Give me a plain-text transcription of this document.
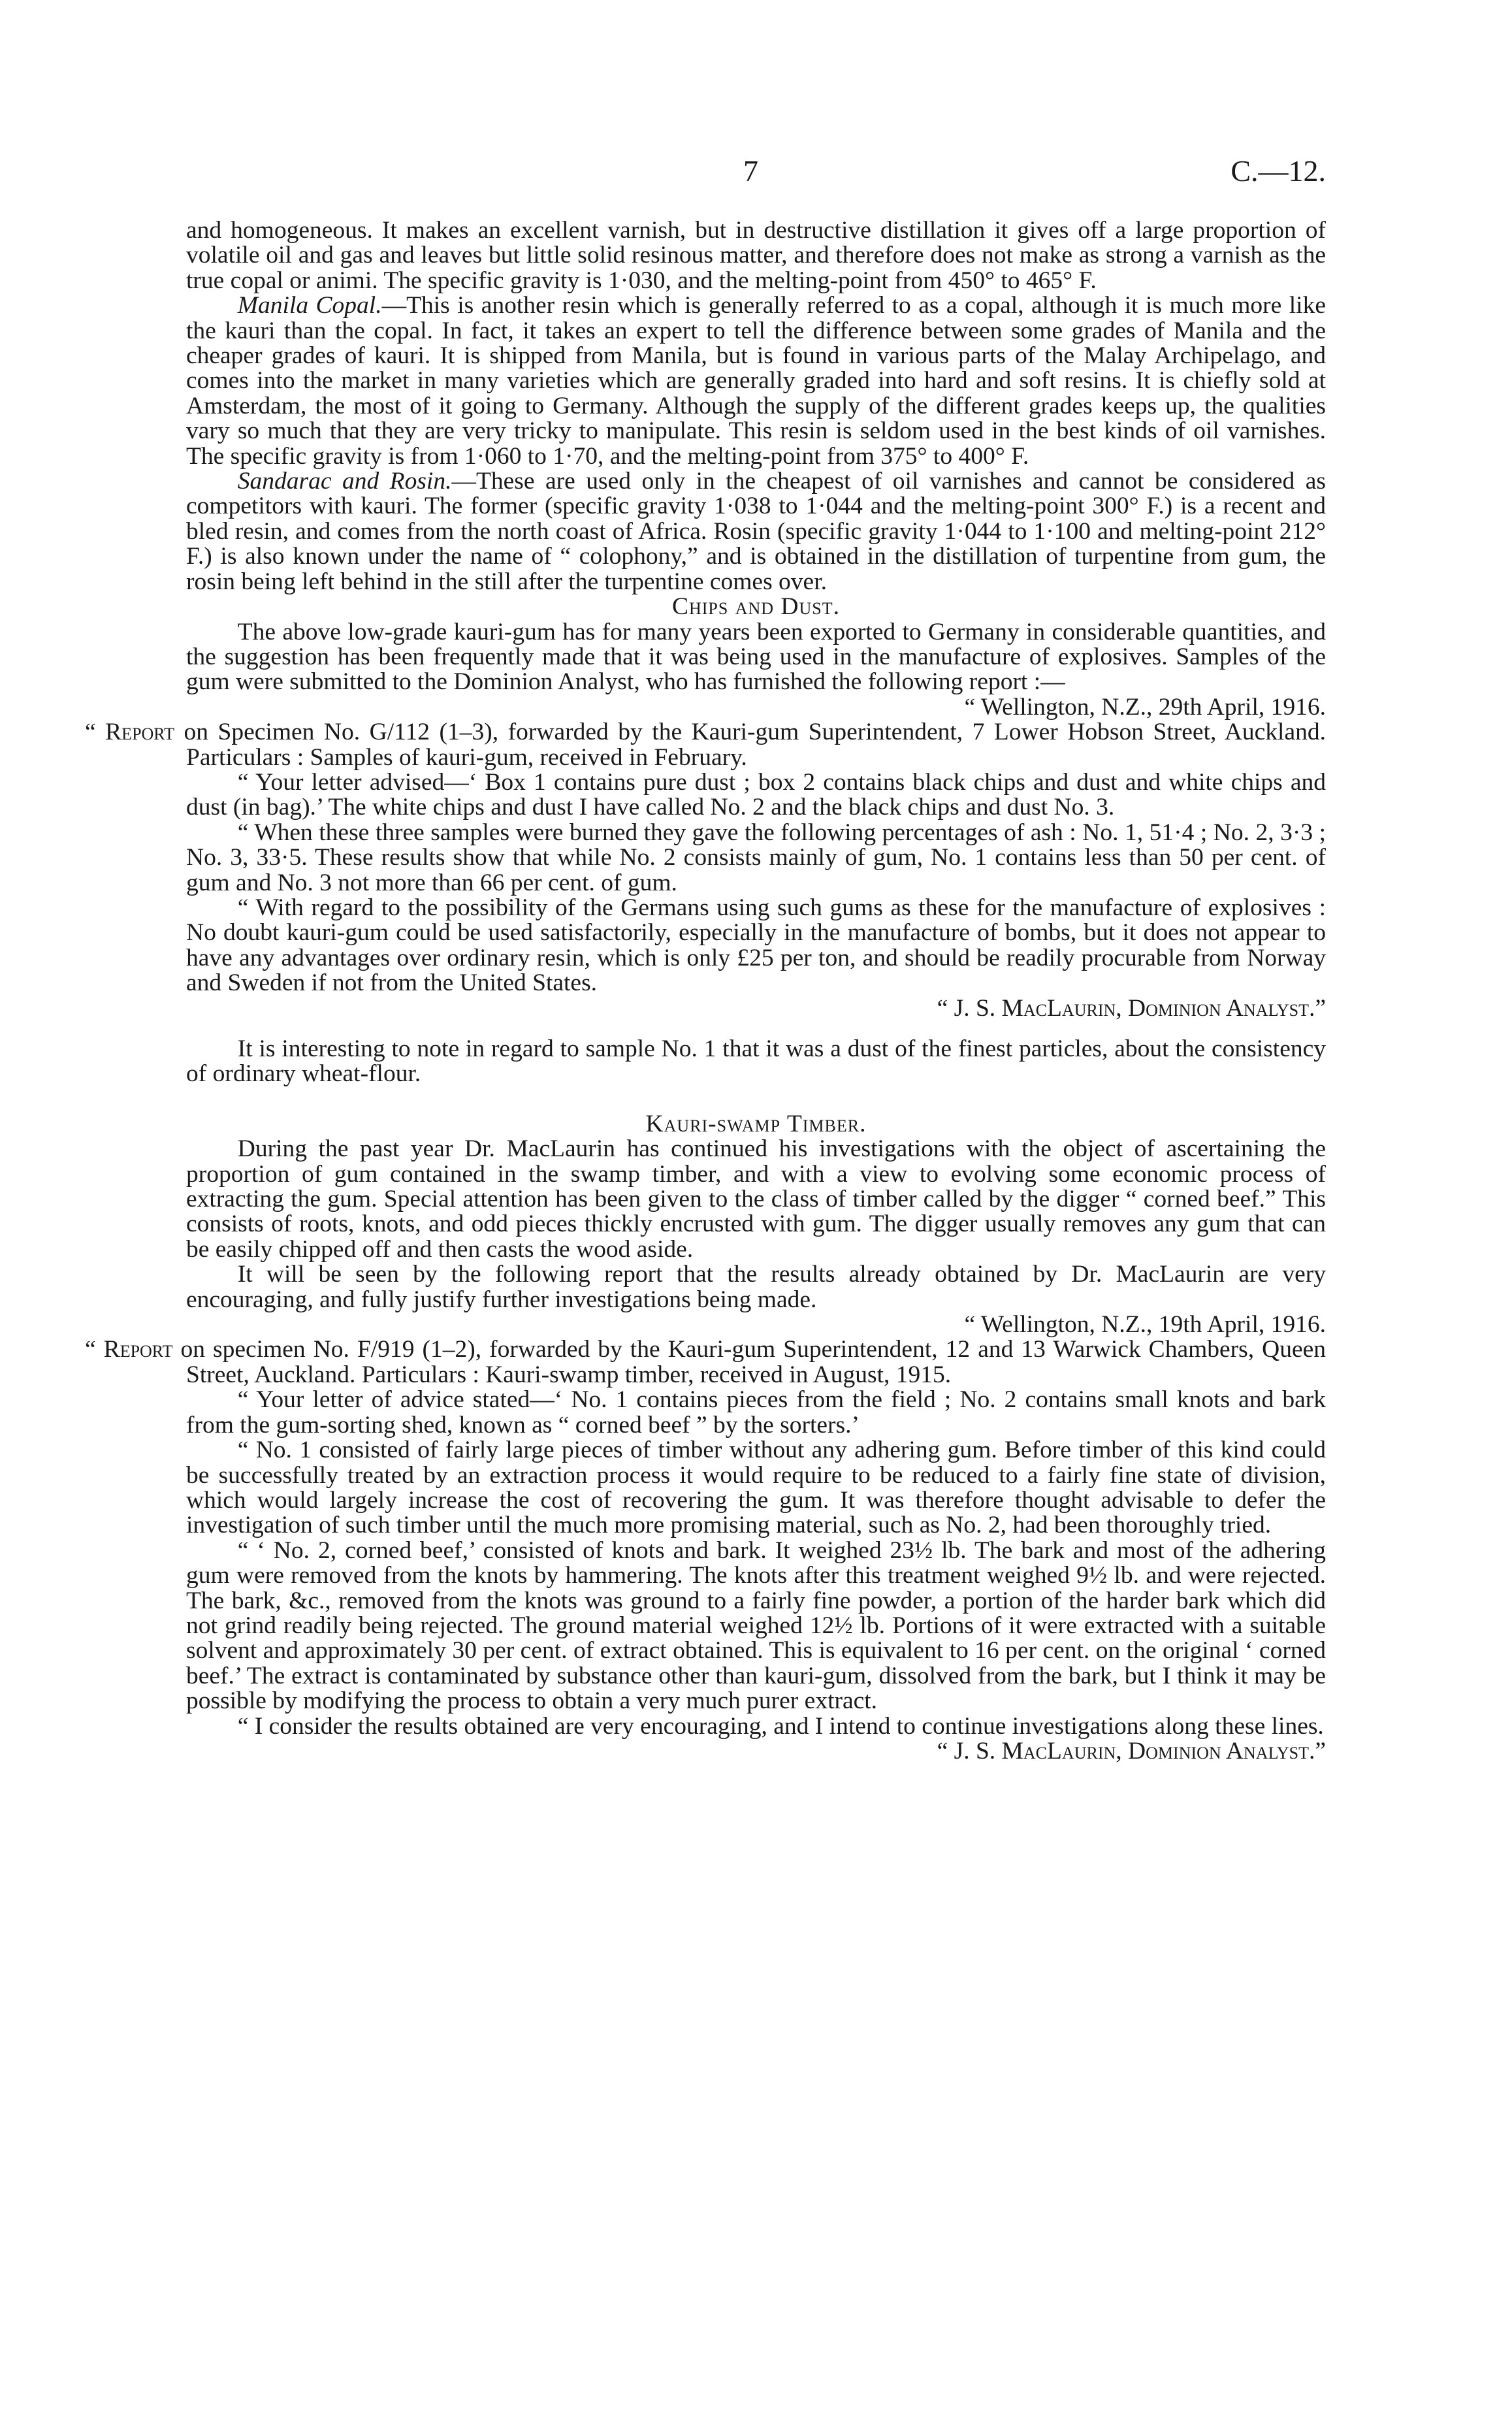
7	C.—12.

and homogeneous. It makes an excellent varnish, but in destructive distillation it gives off a large proportion of volatile oil and gas and leaves but little solid resinous matter, and therefore does not make as strong a varnish as the true copal or animi. The specific gravity is 1·030, and the melting-point from 450° to 465° F.

Manila Copal.—This is another resin which is generally referred to as a copal, although it is much more like the kauri than the copal. In fact, it takes an expert to tell the difference between some grades of Manila and the cheaper grades of kauri. It is shipped from Manila, but is found in various parts of the Malay Archipelago, and comes into the market in many varieties which are generally graded into hard and soft resins. It is chiefly sold at Amsterdam, the most of it going to Germany. Although the supply of the different grades keeps up, the qualities vary so much that they are very tricky to manipulate. This resin is seldom used in the best kinds of oil varnishes. The specific gravity is from 1·060 to 1·70, and the melting-point from 375° to 400° F.

Sandarac and Rosin.—These are used only in the cheapest of oil varnishes and cannot be considered as competitors with kauri. The former (specific gravity 1·038 to 1·044 and the melting-point 300° F.) is a recent and bled resin, and comes from the north coast of Africa. Rosin (specific gravity 1·044 to 1·100 and melting-point 212° F.) is also known under the name of “ colophony,” and is obtained in the distillation of turpentine from gum, the rosin being left behind in the still after the turpentine comes over.

Chips and Dust.

The above low-grade kauri-gum has for many years been exported to Germany in considerable quantities, and the suggestion has been frequently made that it was being used in the manufacture of explosives. Samples of the gum were submitted to the Dominion Analyst, who has furnished the following report :—

“ Wellington, N.Z., 29th April, 1916.

“ Report on Specimen No. G/112 (1–3), forwarded by the Kauri-gum Superintendent, 7 Lower Hobson Street, Auckland. Particulars : Samples of kauri-gum, received in February.

“ Your letter advised—‘ Box 1 contains pure dust ; box 2 contains black chips and dust and white chips and dust (in bag).’ The white chips and dust I have called No. 2 and the black chips and dust No. 3.

“ When these three samples were burned they gave the following percentages of ash : No. 1, 51·4 ; No. 2, 3·3 ; No. 3, 33·5. These results show that while No. 2 consists mainly of gum, No. 1 contains less than 50 per cent. of gum and No. 3 not more than 66 per cent. of gum.

“ With regard to the possibility of the Germans using such gums as these for the manufacture of explosives : No doubt kauri-gum could be used satisfactorily, especially in the manufacture of bombs, but it does not appear to have any advantages over ordinary resin, which is only £25 per ton, and should be readily procurable from Norway and Sweden if not from the United States.

“ J. S. MacLaurin, Dominion Analyst.”

It is interesting to note in regard to sample No. 1 that it was a dust of the finest particles, about the consistency of ordinary wheat-flour.

Kauri-swamp Timber.

During the past year Dr. MacLaurin has continued his investigations with the object of ascertaining the proportion of gum contained in the swamp timber, and with a view to evolving some economic process of extracting the gum. Special attention has been given to the class of timber called by the digger “ corned beef.” This consists of roots, knots, and odd pieces thickly encrusted with gum. The digger usually removes any gum that can be easily chipped off and then casts the wood aside.

It will be seen by the following report that the results already obtained by Dr. MacLaurin are very encouraging, and fully justify further investigations being made.

“ Wellington, N.Z., 19th April, 1916.

“ Report on specimen No. F/919 (1–2), forwarded by the Kauri-gum Superintendent, 12 and 13 Warwick Chambers, Queen Street, Auckland. Particulars : Kauri-swamp timber, received in August, 1915.

“ Your letter of advice stated—‘ No. 1 contains pieces from the field ; No. 2 contains small knots and bark from the gum-sorting shed, known as “ corned beef ” by the sorters.’

“ No. 1 consisted of fairly large pieces of timber without any adhering gum. Before timber of this kind could be successfully treated by an extraction process it would require to be reduced to a fairly fine state of division, which would largely increase the cost of recovering the gum. It was therefore thought advisable to defer the investigation of such timber until the much more promising material, such as No. 2, had been thoroughly tried.

“ ‘ No. 2, corned beef,’ consisted of knots and bark. It weighed 23½ lb. The bark and most of the adhering gum were removed from the knots by hammering. The knots after this treatment weighed 9½ lb. and were rejected. The bark, &c., removed from the knots was ground to a fairly fine powder, a portion of the harder bark which did not grind readily being rejected. The ground material weighed 12½ lb. Portions of it were extracted with a suitable solvent and approximately 30 per cent. of extract obtained. This is equivalent to 16 per cent. on the original ‘ corned beef.’ The extract is contaminated by substance other than kauri-gum, dissolved from the bark, but I think it may be possible by modifying the process to obtain a very much purer extract.

“ I consider the results obtained are very encouraging, and I intend to continue investigations along these lines.

“ J. S. MacLaurin, Dominion Analyst.”
